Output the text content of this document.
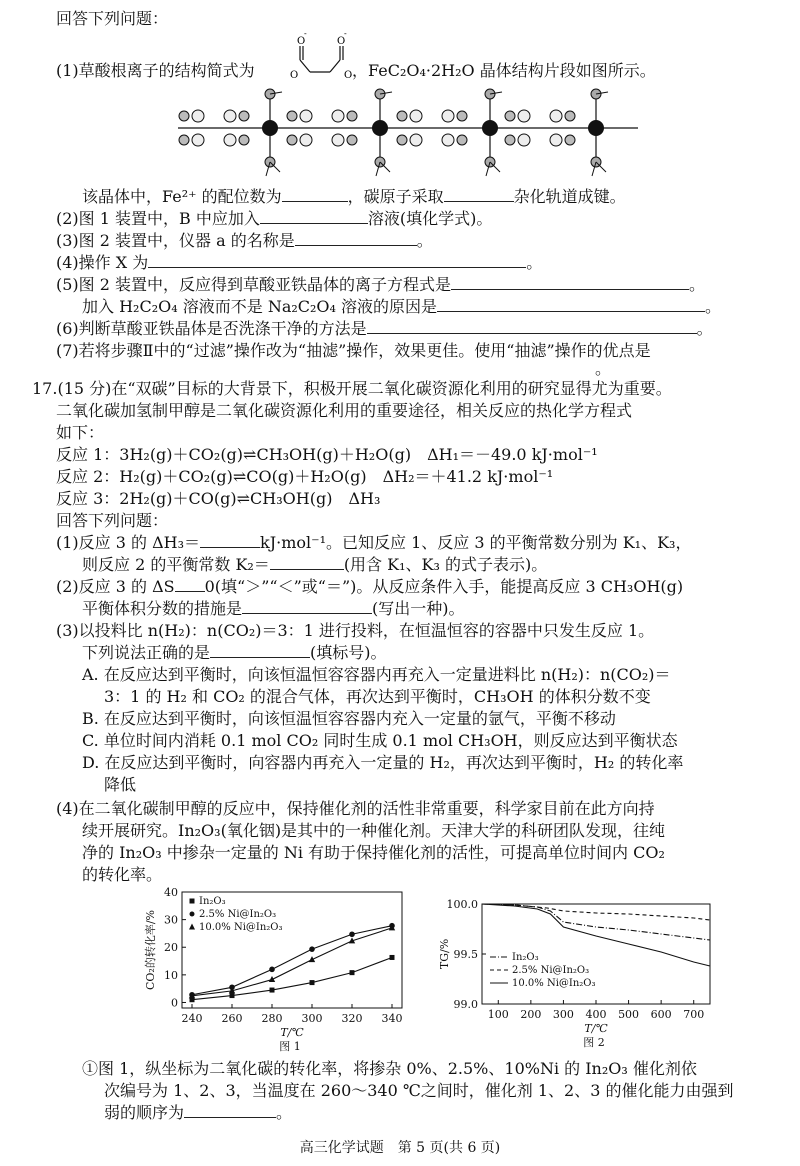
回答下列问题：
(1)草酸根离子的结构简式为
O	O
-	-
O	O ，FeC₂O₄·2H₂O 晶体结构片段如图所示。
该晶体中，Fe²⁺ 的配位数为	，碳原子采取	杂化轨道成键。
(2)图 1 装置中，B 中应加入	溶液(填化学式)。
(3)图 2 装置中，仪器 a 的名称是	。
(4)操作 X 为	。
(5)图 2 装置中，反应得到草酸亚铁晶体的离子方程式是	。
加入 H₂C₂O₄ 溶液而不是 Na₂C₂O₄ 溶液的原因是	。
(6)判断草酸亚铁晶体是否洗涤干净的方法是	。
(7)若将步骤Ⅱ中的“过滤”操作改为“抽滤”操作，效果更佳。使用“抽滤”操作的优点是
。
17.(15 分)在“双碳”目标的大背景下，积极开展二氧化碳资源化利用的研究显得尤为重要。
二氧化碳加氢制甲醇是二氧化碳资源化利用的重要途径，相关反应的热化学方程式
如下：
反应 1：3H₂(g)＋CO₂(g)⇌CH₃OH(g)＋H₂O(g)　ΔH₁＝－49.0 kJ·mol⁻¹
反应 2：H₂(g)＋CO₂(g)⇌CO(g)＋H₂O(g)　ΔH₂＝＋41.2 kJ·mol⁻¹
反应 3：2H₂(g)＋CO(g)⇌CH₃OH(g)　ΔH₃
回答下列问题：
(1)反应 3 的 ΔH₃＝	kJ·mol⁻¹。已知反应 1、反应 3 的平衡常数分别为 K₁、K₃，
则反应 2 的平衡常数 K₂＝	(用含 K₁、K₃ 的式子表示)。
(2)反应 3 的 ΔS 0(填“＞”“＜”或“＝”)。从反应条件入手，能提高反应 3 CH₃OH(g)
平衡体积分数的措施是	(写出一种)。
(3)以投料比 n(H₂)：n(CO₂)＝3：1 进行投料，在恒温恒容的容器中只发生反应 1。
下列说法正确的是	(填标号)。
A. 在反应达到平衡时，向该恒温恒容容器内再充入一定量进料比 n(H₂)：n(CO₂)＝
3：1 的 H₂ 和 CO₂ 的混合气体，再次达到平衡时，CH₃OH 的体积分数不变
B. 在反应达到平衡时，向该恒温恒容容器内充入一定量的氩气，平衡不移动
C. 单位时间内消耗 0.1 mol CO₂ 同时生成 0.1 mol CH₃OH，则反应达到平衡状态
D. 在反应达到平衡时，向容器内再充入一定量的 H₂，再次达到平衡时，H₂ 的转化率
降低
(4)在二氧化碳制甲醇的反应中，保持催化剂的活性非常重要，科学家目前在此方向持
续开展研究。In₂O₃(氧化铟)是其中的一种催化剂。天津大学的科研团队发现，往纯
净的 In₂O₃ 中掺杂一定量的 Ni 有助于保持催化剂的活性，可提高单位时间内 CO₂
的转化率。
240 260 280 300 320 340
0
10
20
30
40
T/℃
CO₂的转化率/%
图 1
In₂O₃
2.5% Ni@In₂O₃
10.0% Ni@In₂O₃
100 200 300 400 500 600 700
99.0
99.5
100.0
T/℃
TG/%
图 2
In₂O₃
2.5% Ni@In₂O₃
10.0% Ni@In₂O₃
①图 1，纵坐标为二氧化碳的转化率，将掺杂 0%、2.5%、10%Ni 的 In₂O₃ 催化剂依
次编号为 1、2、3，当温度在 260～340 ℃之间时，催化剂 1、2、3 的催化能力由强到
弱的顺序为	。
高三化学试题　第 5 页(共 6 页)
